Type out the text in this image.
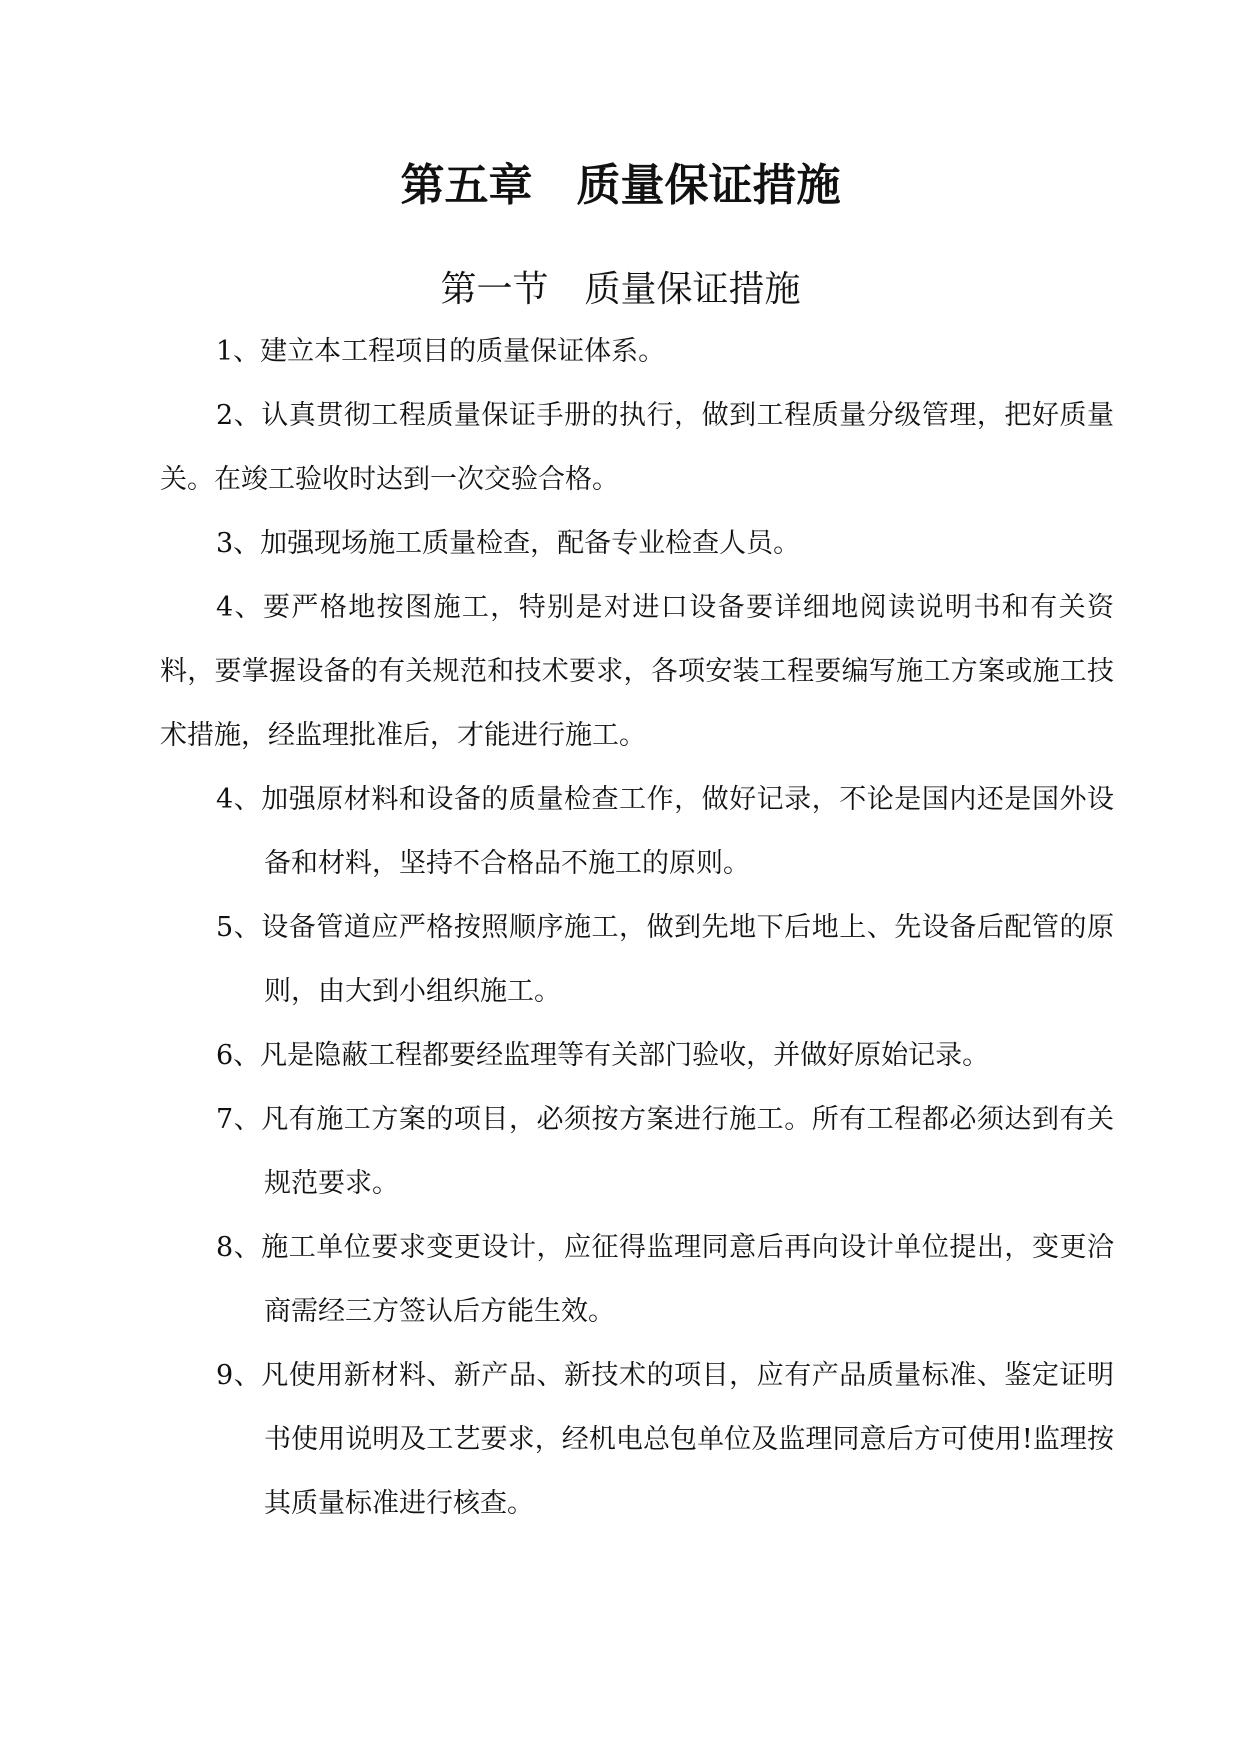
第五章　质量保证措施
第一节　质量保证措施

1、建立本工程项目的质量保证体系。

2、认真贯彻工程质量保证手册的执行，做到工程质量分级管理，把好质量关。在竣工验收时达到一次交验合格。

3、加强现场施工质量检查，配备专业检查人员。

4、要严格地按图施工，特别是对进口设备要详细地阅读说明书和有关资料，要掌握设备的有关规范和技术要求，各项安装工程要编写施工方案或施工技术措施，经监理批准后，才能进行施工。

4、加强原材料和设备的质量检查工作，做好记录，不论是国内还是国外设备和材料，坚持不合格品不施工的原则。

5、设备管道应严格按照顺序施工，做到先地下后地上、先设备后配管的原则，由大到小组织施工。

6、凡是隐蔽工程都要经监理等有关部门验收，并做好原始记录。

7、凡有施工方案的项目，必须按方案进行施工。所有工程都必须达到有关规范要求。

8、施工单位要求变更设计，应征得监理同意后再向设计单位提出，变更洽商需经三方签认后方能生效。

9、凡使用新材料、新产品、新技术的项目，应有产品质量标准、鉴定证明书使用说明及工艺要求，经机电总包单位及监理同意后方可使用!监理按其质量标准进行核查。
